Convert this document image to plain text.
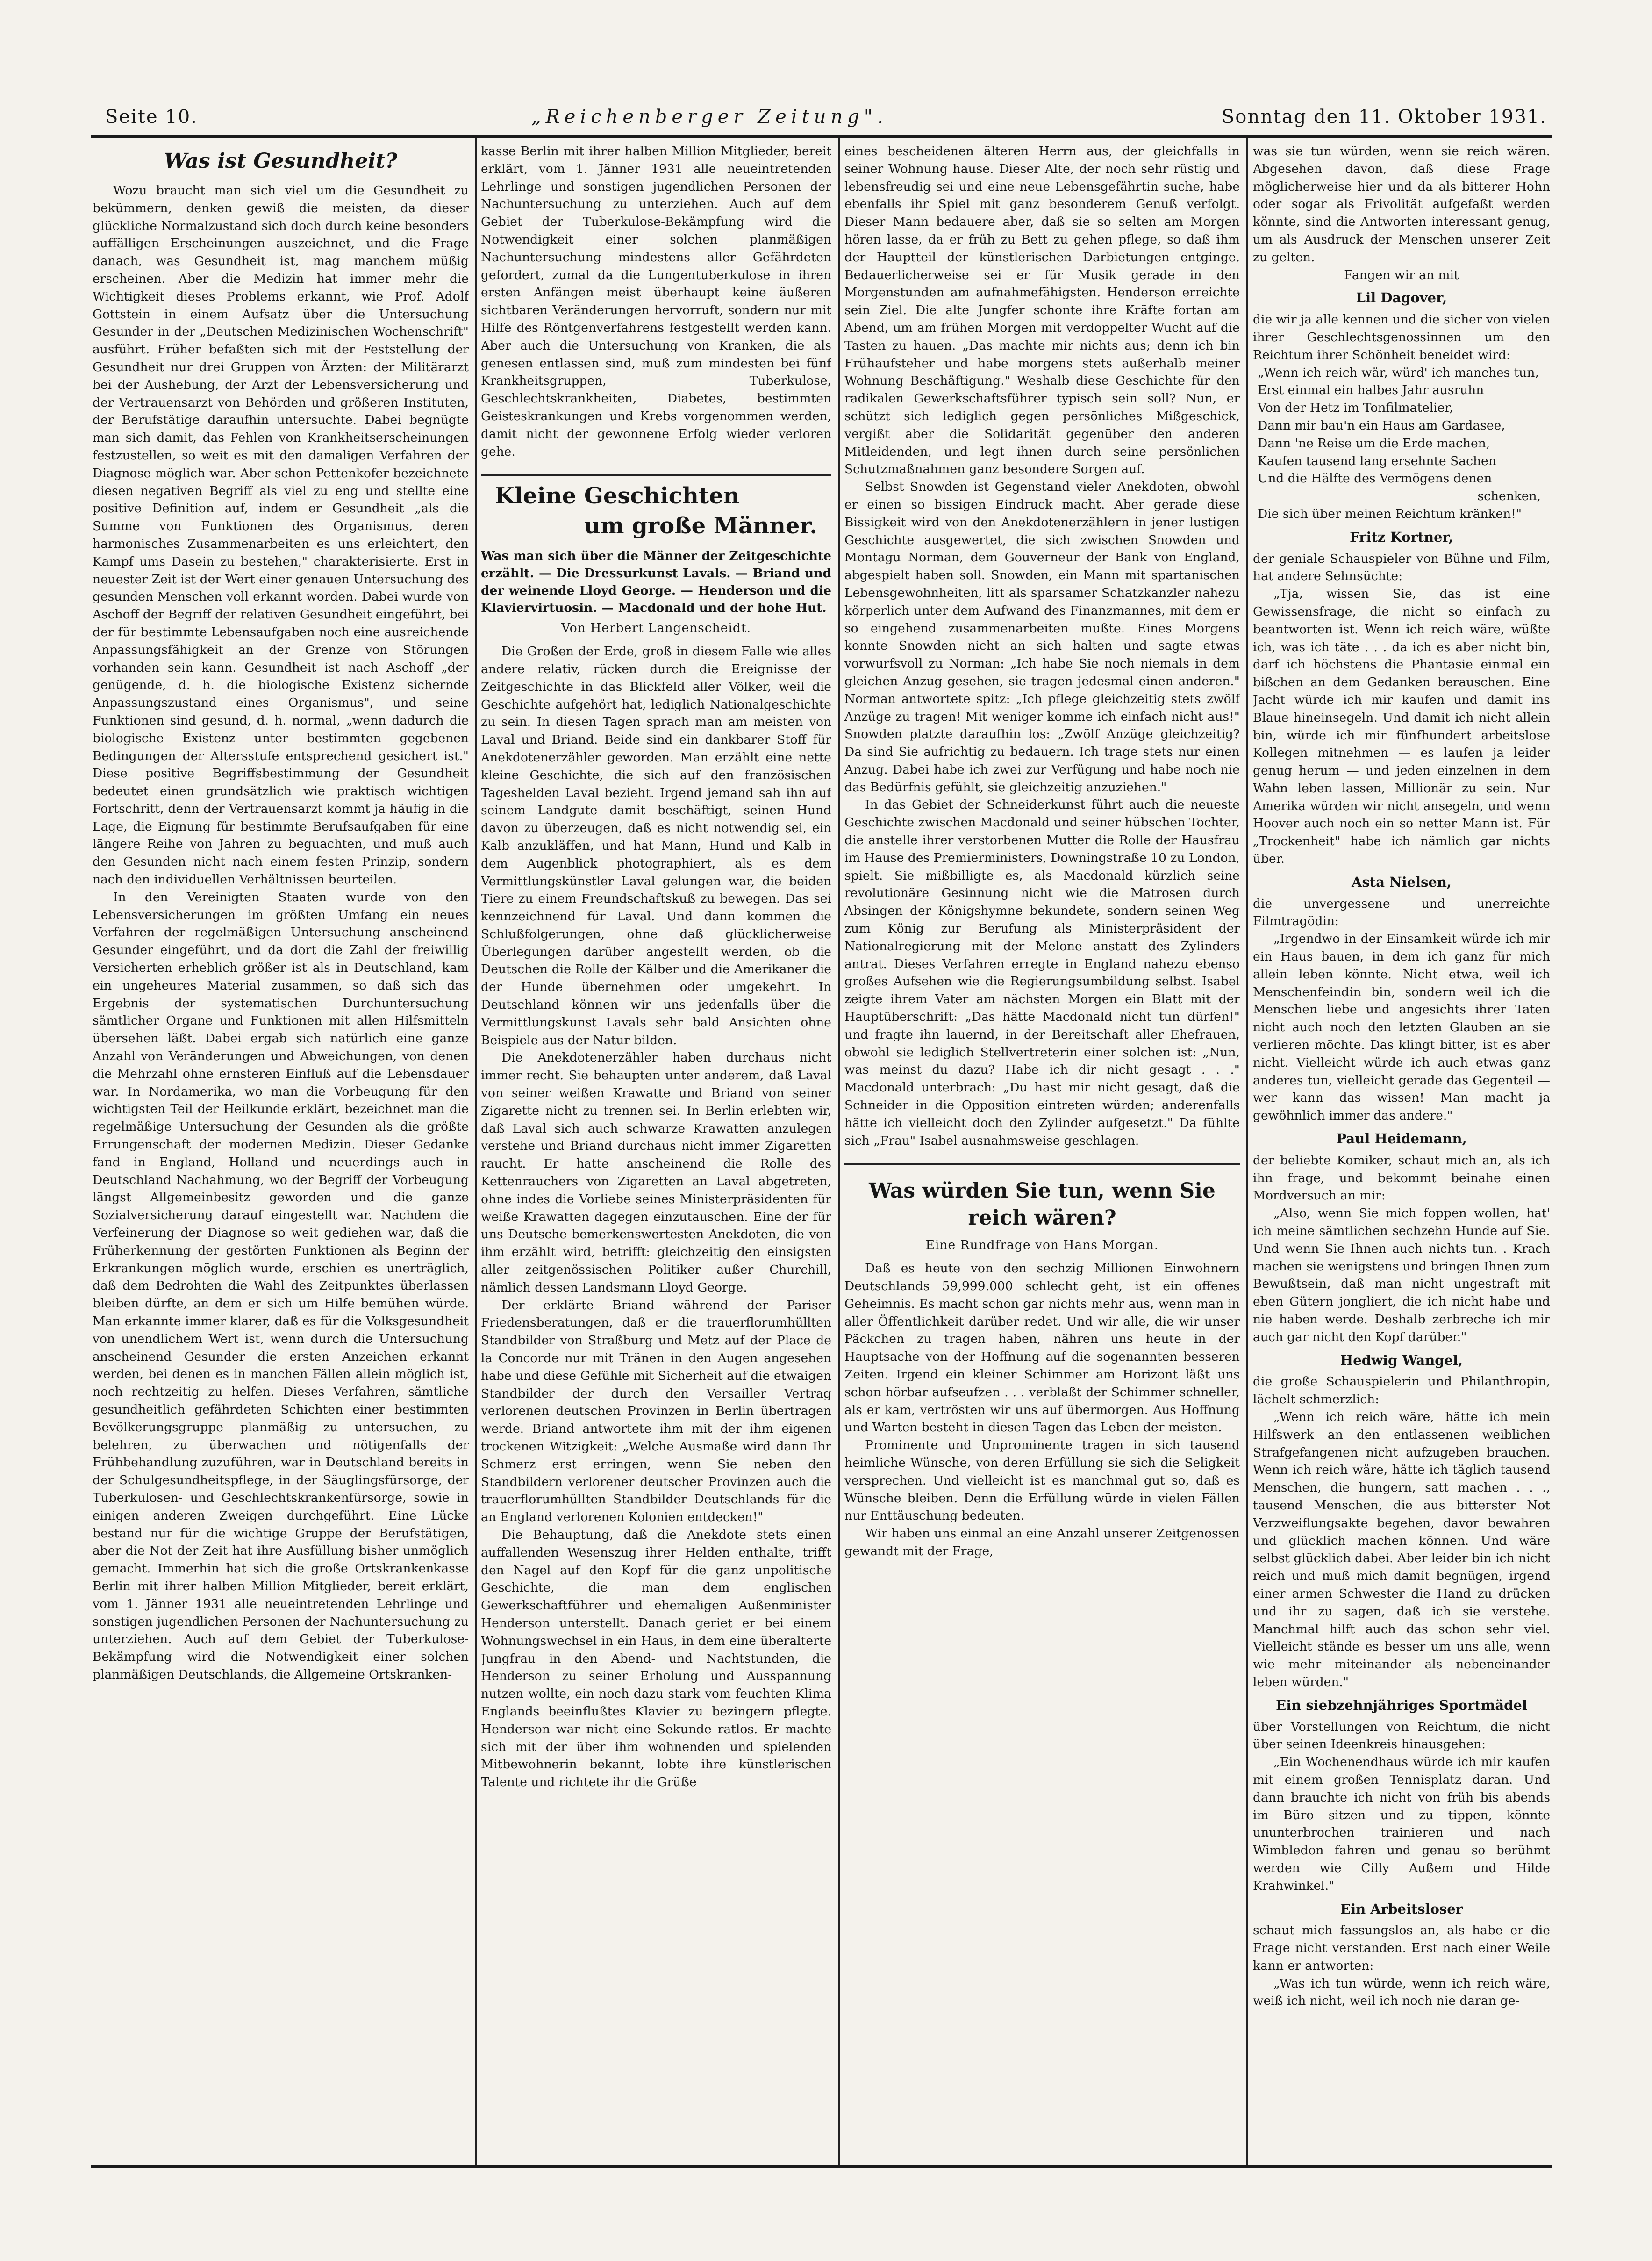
Seite 10.	„Reichenberger Zeitung".	Sonntag den 11. Oktober 1931.
Was ist Gesundheit?

Wozu braucht man sich viel um die Gesundheit zu bekümmern, denken gewiß die meisten, da dieser glückliche Normalzustand sich doch durch keine besonders auffälligen Erscheinungen auszeichnet, und die Frage danach, was Gesundheit ist, mag manchem müßig erscheinen. Aber die Medizin hat immer mehr die Wichtigkeit dieses Problems erkannt, wie Prof. Adolf Gottstein in einem Aufsatz über die Untersuchung Gesunder in der „Deutschen Medizinischen Wochenschrift" ausführt. Früher befaßten sich mit der Feststellung der Gesundheit nur drei Gruppen von Ärzten: der Militärarzt bei der Aushebung, der Arzt der Lebensversicherung und der Vertrauensarzt von Behörden und größeren Instituten, der Berufstätige daraufhin untersuchte. Dabei begnügte man sich damit, das Fehlen von Krankheitserscheinungen festzustellen, so weit es mit den damaligen Verfahren der Diagnose möglich war. Aber schon Pettenkofer bezeichnete diesen negativen Begriff als viel zu eng und stellte eine positive Definition auf, indem er Gesundheit „als die Summe von Funktionen des Organismus, deren harmonisches Zusammenarbeiten es uns erleichtert, den Kampf ums Dasein zu bestehen," charakterisierte. Erst in neuester Zeit ist der Wert einer genauen Untersuchung des gesunden Menschen voll erkannt worden. Dabei wurde von Aschoff der Begriff der relativen Gesundheit eingeführt, bei der für bestimmte Lebensaufgaben noch eine ausreichende Anpassungsfähigkeit an der Grenze von Störungen vorhanden sein kann. Gesundheit ist nach Aschoff „der genügende, d. h. die biologische Existenz sichernde Anpassungszustand eines Organismus", und seine Funktionen sind gesund, d. h. normal, „wenn dadurch die biologische Existenz unter bestimmten gegebenen Bedingungen der Altersstufe entsprechend gesichert ist." Diese positive Begriffsbestimmung der Gesundheit bedeutet einen grundsätzlich wie praktisch wichtigen Fortschritt, denn der Vertrauensarzt kommt ja häufig in die Lage, die Eignung für bestimmte Berufsaufgaben für eine längere Reihe von Jahren zu beguachten, und muß auch den Gesunden nicht nach einem festen Prinzip, sondern nach den individuellen Verhältnissen beurteilen.

In den Vereinigten Staaten wurde von den Lebensversicherungen im größten Umfang ein neues Verfahren der regelmäßigen Untersuchung anscheinend Gesunder eingeführt, und da dort die Zahl der freiwillig Versicherten erheblich größer ist als in Deutschland, kam ein ungeheures Material zusammen, so daß sich das Ergebnis der systematischen Durchuntersuchung sämtlicher Organe und Funktionen mit allen Hilfsmitteln übersehen läßt. Dabei ergab sich natürlich eine ganze Anzahl von Veränderungen und Abweichungen, von denen die Mehrzahl ohne ernsteren Einfluß auf die Lebensdauer war. In Nordamerika, wo man die Vorbeugung für den wichtigsten Teil der Heilkunde erklärt, bezeichnet man die regelmäßige Untersuchung der Gesunden als die größte Errungenschaft der modernen Medizin. Dieser Gedanke fand in England, Holland und neuerdings auch in Deutschland Nachahmung, wo der Begriff der Vorbeugung längst Allgemeinbesitz geworden und die ganze Sozialversicherung darauf eingestellt war. Nachdem die Verfeinerung der Diagnose so weit gediehen war, daß die Früherkennung der gestörten Funktionen als Beginn der Erkrankungen möglich wurde, erschien es unerträglich, daß dem Bedrohten die Wahl des Zeitpunktes überlassen bleiben dürfte, an dem er sich um Hilfe bemühen würde. Man erkannte immer klarer, daß es für die Volksgesundheit von unendlichem Wert ist, wenn durch die Untersuchung anscheinend Gesunder die ersten Anzeichen erkannt werden, bei denen es in manchen Fällen allein möglich ist, noch rechtzeitig zu helfen. Dieses Verfahren, sämtliche gesundheitlich gefährdeten Schichten einer bestimmten Bevölkerungsgruppe planmäßig zu untersuchen, zu belehren, zu überwachen und nötigenfalls der Frühbehandlung zuzuführen, war in Deutschland bereits in der Schulgesundheitspflege, in der Säuglingsfürsorge, der Tuberkulosen- und Geschlechtskrankenfürsorge, sowie in einigen anderen Zweigen durchgeführt. Eine Lücke bestand nur für die wichtige Gruppe der Berufstätigen, aber die Not der Zeit hat ihre Ausfüllung bisher unmöglich gemacht. Immerhin hat sich die große Ortskrankenkasse Berlin mit ihrer halben Million Mitglieder, bereit erklärt, vom 1. Jänner 1931 alle neueintretenden Lehrlinge und sonstigen jugendlichen Personen der Nachuntersuchung zu unterziehen. Auch auf dem Gebiet der Tuberkulose-Bekämpfung wird die Notwendigkeit einer solchen planmäßigen Deutschlands, die Allgemeine Ortskranken-

kasse Berlin mit ihrer halben Million Mitglieder, bereit erklärt, vom 1. Jänner 1931 alle neueintretenden Lehrlinge und sonstigen jugendlichen Personen der Nachuntersuchung zu unterziehen. Auch auf dem Gebiet der Tuberkulose-Bekämpfung wird die Notwendigkeit einer solchen planmäßigen Nachuntersuchung mindestens aller Gefährdeten gefordert, zumal da die Lungentuberkulose in ihren ersten Anfängen meist überhaupt keine äußeren sichtbaren Veränderungen hervorruft, sondern nur mit Hilfe des Röntgenverfahrens festgestellt werden kann. Aber auch die Untersuchung von Kranken, die als genesen entlassen sind, muß zum mindesten bei fünf Krankheitsgruppen, Tuberkulose, Geschlechtskrankheiten, Diabetes, bestimmten Geisteskrankungen und Krebs vorgenommen werden, damit nicht der gewonnene Erfolg wieder verloren gehe.

Kleine Geschichten
um große Männer.
Was man sich über die Männer der Zeitgeschichte erzählt. — Die Dressurkunst Lavals. — Briand und der weinende Lloyd George. — Henderson und die Klaviervirtuosin. — Macdonald und der hohe Hut.
Von Herbert Langenscheidt.

Die Großen der Erde, groß in diesem Falle wie alles andere relativ, rücken durch die Ereignisse der Zeitgeschichte in das Blickfeld aller Völker, weil die Geschichte aufgehört hat, lediglich Nationalgeschichte zu sein. In diesen Tagen sprach man am meisten von Laval und Briand. Beide sind ein dankbarer Stoff für Anekdotenerzähler geworden. Man erzählt eine nette kleine Geschichte, die sich auf den französischen Tageshelden Laval bezieht. Irgend jemand sah ihn auf seinem Landgute damit beschäftigt, seinen Hund davon zu überzeugen, daß es nicht notwendig sei, ein Kalb anzukläffen, und hat Mann, Hund und Kalb in dem Augenblick photographiert, als es dem Vermittlungskünstler Laval gelungen war, die beiden Tiere zu einem Freundschaftskuß zu bewegen. Das sei kennzeichnend für Laval. Und dann kommen die Schlußfolgerungen, ohne daß glücklicherweise Überlegungen darüber angestellt werden, ob die Deutschen die Rolle der Kälber und die Amerikaner die der Hunde übernehmen oder umgekehrt. In Deutschland können wir uns jedenfalls über die Vermittlungskunst Lavals sehr bald Ansichten ohne Beispiele aus der Natur bilden.

Die Anekdotenerzähler haben durchaus nicht immer recht. Sie behaupten unter anderem, daß Laval von seiner weißen Krawatte und Briand von seiner Zigarette nicht zu trennen sei. In Berlin erlebten wir, daß Laval sich auch schwarze Krawatten anzulegen verstehe und Briand durchaus nicht immer Zigaretten raucht. Er hatte anscheinend die Rolle des Kettenrauchers von Zigaretten an Laval abgetreten, ohne indes die Vorliebe seines Ministerpräsidenten für weiße Krawatten dagegen einzutauschen. Eine der für uns Deutsche bemerkenswertesten Anekdoten, die von ihm erzählt wird, betrifft: gleichzeitig den einsigsten aller zeitgenössischen Politiker außer Churchill, nämlich dessen Landsmann Lloyd George.

Der erklärte Briand während der Pariser Friedensberatungen, daß er die trauerflorumhüllten Standbilder von Straßburg und Metz auf der Place de la Concorde nur mit Tränen in den Augen angesehen habe und diese Gefühle mit Sicherheit auf die etwaigen Standbilder der durch den Versailler Vertrag verlorenen deutschen Provinzen in Berlin übertragen werde. Briand antwortete ihm mit der ihm eigenen trockenen Witzigkeit: „Welche Ausmaße wird dann Ihr Schmerz erst erringen, wenn Sie neben den Standbildern verlorener deutscher Provinzen auch die trauerflorumhüllten Standbilder Deutschlands für die an England verlorenen Kolonien entdecken!"

Die Behauptung, daß die Anekdote stets einen auffallenden Wesenszug ihrer Helden enthalte, trifft den Nagel auf den Kopf für die ganz unpolitische Geschichte, die man dem englischen Gewerkschaftführer und ehemaligen Außenminister Henderson unterstellt. Danach geriet er bei einem Wohnungswechsel in ein Haus, in dem eine überalterte Jungfrau in den Abend- und Nachtstunden, die Henderson zu seiner Erholung und Ausspannung nutzen wollte, ein noch dazu stark vom feuchten Klima Englands beeinflußtes Klavier zu bezingern pflegte. Henderson war nicht eine Sekunde ratlos. Er machte sich mit der über ihm wohnenden und spielenden Mitbewohnerin bekannt, lobte ihre künstlerischen Talente und richtete ihr die Grüße

eines bescheidenen älteren Herrn aus, der gleichfalls in seiner Wohnung hause. Dieser Alte, der noch sehr rüstig und lebensfreudig sei und eine neue Lebensgefährtin suche, habe ebenfalls ihr Spiel mit ganz besonderem Genuß verfolgt. Dieser Mann bedauere aber, daß sie so selten am Morgen hören lasse, da er früh zu Bett zu gehen pflege, so daß ihm der Hauptteil der künstlerischen Darbietungen entginge. Bedauerlicherweise sei er für Musik gerade in den Morgenstunden am aufnahmefähigsten. Henderson erreichte sein Ziel. Die alte Jungfer schonte ihre Kräfte fortan am Abend, um am frühen Morgen mit verdoppelter Wucht auf die Tasten zu hauen. „Das machte mir nichts aus; denn ich bin Frühaufsteher und habe morgens stets außerhalb meiner Wohnung Beschäftigung." Weshalb diese Geschichte für den radikalen Gewerkschaftsführer typisch sein soll? Nun, er schützt sich lediglich gegen persönliches Mißgeschick, vergißt aber die Solidarität gegenüber den anderen Mitleidenden, und legt ihnen durch seine persönlichen Schutzmaßnahmen ganz besondere Sorgen auf.

Selbst Snowden ist Gegenstand vieler Anekdoten, obwohl er einen so bissigen Eindruck macht. Aber gerade diese Bissigkeit wird von den Anekdotenerzählern in jener lustigen Geschichte ausgewertet, die sich zwischen Snowden und Montagu Norman, dem Gouverneur der Bank von England, abgespielt haben soll. Snowden, ein Mann mit spartanischen Lebensgewohnheiten, litt als sparsamer Schatzkanzler nahezu körperlich unter dem Aufwand des Finanzmannes, mit dem er so eingehend zusammenarbeiten mußte. Eines Morgens konnte Snowden nicht an sich halten und sagte etwas vorwurfsvoll zu Norman: „Ich habe Sie noch niemals in dem gleichen Anzug gesehen, sie tragen jedesmal einen anderen." Norman antwortete spitz: „Ich pflege gleichzeitig stets zwölf Anzüge zu tragen! Mit weniger komme ich einfach nicht aus!" Snowden platzte daraufhin los: „Zwölf Anzüge gleichzeitig? Da sind Sie aufrichtig zu bedauern. Ich trage stets nur einen Anzug. Dabei habe ich zwei zur Verfügung und habe noch nie das Bedürfnis gefühlt, sie gleichzeitig anzuziehen."

In das Gebiet der Schneiderkunst führt auch die neueste Geschichte zwischen Macdonald und seiner hübschen Tochter, die anstelle ihrer verstorbenen Mutter die Rolle der Hausfrau im Hause des Premierministers, Downingstraße 10 zu London, spielt. Sie mißbilligte es, als Macdonald kürzlich seine revolutionäre Gesinnung nicht wie die Matrosen durch Absingen der Königshymne bekundete, sondern seinen Weg zum König zur Berufung als Ministerpräsident der Nationalregierung mit der Melone anstatt des Zylinders antrat. Dieses Verfahren erregte in England nahezu ebenso großes Aufsehen wie die Regierungsumbildung selbst. Isabel zeigte ihrem Vater am nächsten Morgen ein Blatt mit der Hauptüberschrift: „Das hätte Macdonald nicht tun dürfen!" und fragte ihn lauernd, in der Bereitschaft aller Ehefrauen, obwohl sie lediglich Stellvertreterin einer solchen ist: „Nun, was meinst du dazu? Habe ich dir nicht gesagt . . ." Macdonald unterbrach: „Du hast mir nicht gesagt, daß die Schneider in die Opposition eintreten würden; anderenfalls hätte ich vielleicht doch den Zylinder aufgesetzt." Da fühlte sich „Frau" Isabel ausnahmsweise geschlagen.

Was würden Sie tun, wenn Sie reich wären?
Eine Rundfrage von Hans Morgan.

Daß es heute von den sechzig Millionen Einwohnern Deutschlands 59,999.000 schlecht geht, ist ein offenes Geheimnis. Es macht schon gar nichts mehr aus, wenn man in aller Öffentlichkeit darüber redet. Und wir alle, die wir unser Päckchen zu tragen haben, nähren uns heute in der Hauptsache von der Hoffnung auf die sogenannten besseren Zeiten. Irgend ein kleiner Schimmer am Horizont läßt uns schon hörbar aufseufzen . . . verblaßt der Schimmer schneller, als er kam, vertrösten wir uns auf übermorgen. Aus Hoffnung und Warten besteht in diesen Tagen das Leben der meisten.

Prominente und Unprominente tragen in sich tausend heimliche Wünsche, von deren Erfüllung sie sich die Seligkeit versprechen. Und vielleicht ist es manchmal gut so, daß es Wünsche bleiben. Denn die Erfüllung würde in vielen Fällen nur Enttäuschung bedeuten.

Wir haben uns einmal an eine Anzahl unserer Zeitgenossen gewandt mit der Frage,

was sie tun würden, wenn sie reich wären. Abgesehen davon, daß diese Frage möglicherweise hier und da als bitterer Hohn oder sogar als Frivolität aufgefaßt werden könnte, sind die Antworten interessant genug, um als Ausdruck der Menschen unserer Zeit zu gelten.

Fangen wir an mit

Lil Dagover,

die wir ja alle kennen und die sicher von vielen ihrer Geschlechtsgenossinnen um den Reichtum ihrer Schönheit beneidet wird:

„Wenn ich reich wär, würd' ich manches tun,
Erst einmal ein halbes Jahr ausruhn
Von der Hetz im Tonfilmatelier,
Dann mir bau'n ein Haus am Gardasee,
Dann 'ne Reise um die Erde machen,
Kaufen tausend lang ersehnte Sachen
Und die Hälfte des Vermögens denen
schenken,
Die sich über meinen Reichtum kränken!"
Fritz Kortner,

der geniale Schauspieler von Bühne und Film, hat andere Sehnsüchte:

„Tja, wissen Sie, das ist eine Gewissensfrage, die nicht so einfach zu beantworten ist. Wenn ich reich wäre, wüßte ich, was ich täte . . . da ich es aber nicht bin, darf ich höchstens die Phantasie einmal ein bißchen an dem Gedanken berauschen. Eine Jacht würde ich mir kaufen und damit ins Blaue hineinsegeln. Und damit ich nicht allein bin, würde ich mir fünfhundert arbeitslose Kollegen mitnehmen — es laufen ja leider genug herum — und jeden einzelnen in dem Wahn leben lassen, Millionär zu sein. Nur Amerika würden wir nicht ansegeln, und wenn Hoover auch noch ein so netter Mann ist. Für „Trockenheit" habe ich nämlich gar nichts über.

Asta Nielsen,

die unvergessene und unerreichte Filmtragödin:

„Irgendwo in der Einsamkeit würde ich mir ein Haus bauen, in dem ich ganz für mich allein leben könnte. Nicht etwa, weil ich Menschenfeindin bin, sondern weil ich die Menschen liebe und angesichts ihrer Taten nicht auch noch den letzten Glauben an sie verlieren möchte. Das klingt bitter, ist es aber nicht. Vielleicht würde ich auch etwas ganz anderes tun, vielleicht gerade das Gegenteil — wer kann das wissen! Man macht ja gewöhnlich immer das andere."

Paul Heidemann,

der beliebte Komiker, schaut mich an, als ich ihn frage, und bekommt beinahe einen Mordversuch an mir:

„Also, wenn Sie mich foppen wollen, hat' ich meine sämtlichen sechzehn Hunde auf Sie. Und wenn Sie Ihnen auch nichts tun. . Krach machen sie wenigstens und bringen Ihnen zum Bewußtsein, daß man nicht ungestraft mit eben Gütern jongliert, die ich nicht habe und nie haben werde. Deshalb zerbreche ich mir auch gar nicht den Kopf darüber."

Hedwig Wangel,

die große Schauspielerin und Philanthropin, lächelt schmerzlich:

„Wenn ich reich wäre, hätte ich mein Hilfswerk an den entlassenen weiblichen Strafgefangenen nicht aufzugeben brauchen. Wenn ich reich wäre, hätte ich täglich tausend Menschen, die hungern, satt machen . . ., tausend Menschen, die aus bitterster Not Verzweiflungsakte begehen, davor bewahren und glücklich machen können. Und wäre selbst glücklich dabei. Aber leider bin ich nicht reich und muß mich damit begnügen, irgend einer armen Schwester die Hand zu drücken und ihr zu sagen, daß ich sie verstehe. Manchmal hilft auch das schon sehr viel. Vielleicht stände es besser um uns alle, wenn wie mehr miteinander als nebeneinander leben würden."

Ein siebzehnjähriges Sportmädel

über Vorstellungen von Reichtum, die nicht über seinen Ideenkreis hinausgehen:

„Ein Wochenendhaus würde ich mir kaufen mit einem großen Tennisplatz daran. Und dann brauchte ich nicht von früh bis abends im Büro sitzen und zu tippen, könnte ununterbrochen trainieren und nach Wimbledon fahren und genau so berühmt werden wie Cilly Außem und Hilde Krahwinkel."

Ein Arbeitsloser

schaut mich fassungslos an, als habe er die Frage nicht verstanden. Erst nach einer Weile kann er antworten:

„Was ich tun würde, wenn ich reich wäre, weiß ich nicht, weil ich noch nie daran ge-
